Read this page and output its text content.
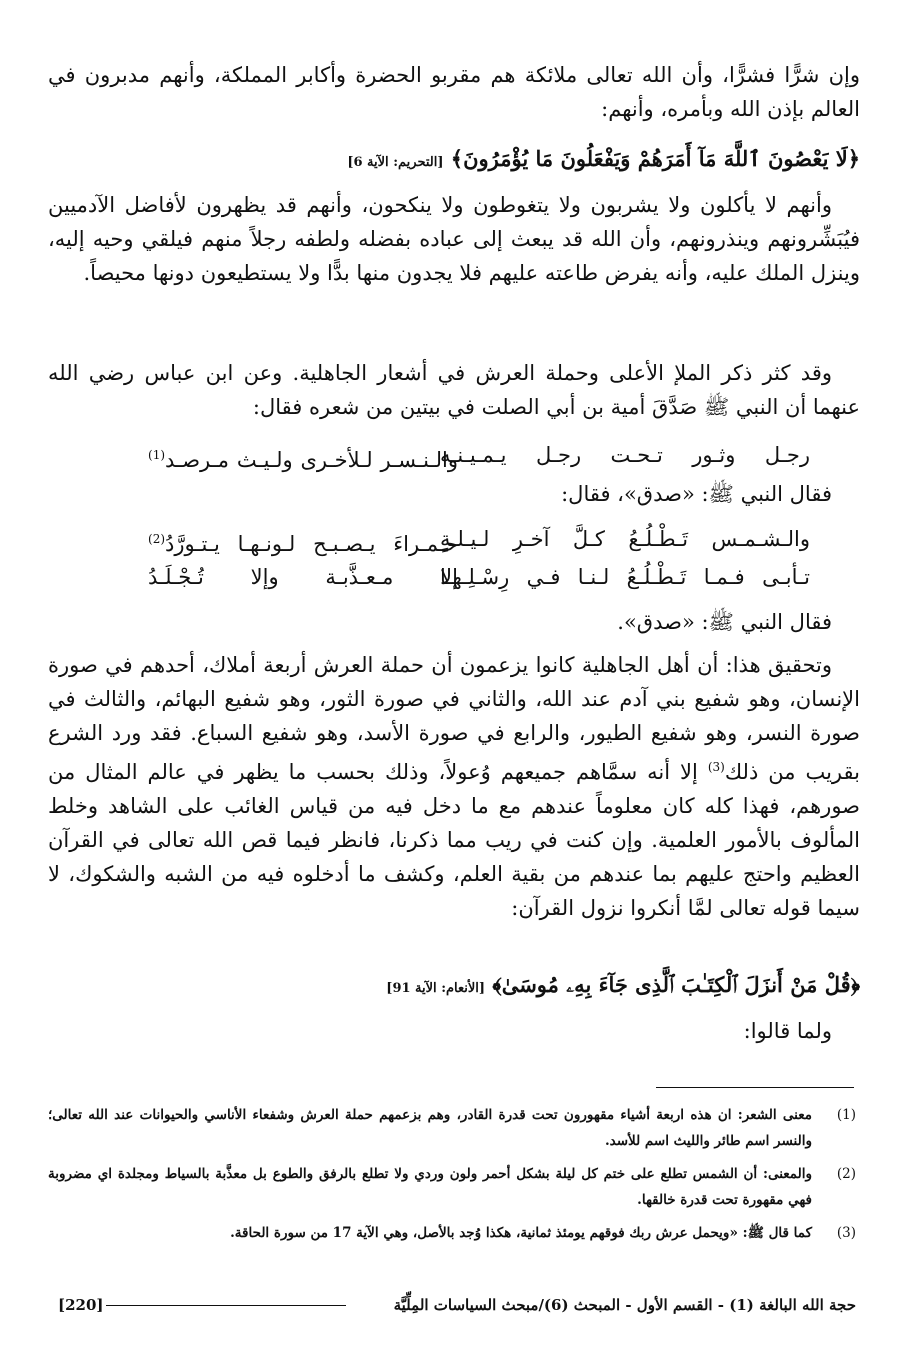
وإن شرًّا فشرًّا، وأن الله تعالى ملائكة هم مقربو الحضرة وأكابر المملكة، وأنهم مدبرون في العالم بإذن الله وبأمره، وأنهم:

﴿لَا يَعْصُونَ ٱللَّهَ مَآ أَمَرَهُمْ وَيَفْعَلُونَ مَا يُؤْمَرُونَ﴾ [التحريم: الآية 6]

وأنهم لا يأكلون ولا يشربون ولا يتغوطون ولا ينكحون، وأنهم قد يظهرون لأفاضل الآدميين فيُبَشِّرونهم وينذرونهم، وأن الله قد يبعث إلى عباده بفضله ولطفه رجلاً منهم فيلقي وحيه إليه، وينزل الملك عليه، وأنه يفرض طاعته عليهم فلا يجدون منها بدًّا ولا يستطيعون دونها محيصاً.

وقد كثر ذكر الملإ الأعلى وحملة العرش في أشعار الجاهلية. وعن ابن عباس رضي الله عنهما أن النبي ﷺ صَدَّقَ أمية بن أبي الصلت في بيتين من شعره فقال:

رجـل وثـور تـحـت رجـل يـمـيـنـه
والـنـسـر لـلأخـرى ولـيـث مـرصـد$^{(1)}$

فقال النبي ﷺ: «صدق»، فقال:

والـشـمـس تَـطْـلُـعُ كـلَّ آخـرِ لـيـلـةٍ
حـمـراءَ يـصـبـح لـونـهـا يـتـورَّدُ$^{(2)}$
تـأبـى فـمـا تَـطْـلُـعُ لـنـا فـي رِسْـلِـهـا
إلا مـعـذَّبـة وإلا تُـجْـلَـدُ

فقال النبي ﷺ: «صدق».

وتحقيق هذا: أن أهل الجاهلية كانوا يزعمون أن حملة العرش أربعة أملاك، أحدهم في صورة الإنسان، وهو شفيع بني آدم عند الله، والثاني في صورة الثور، وهو شفيع البهائم، والثالث في صورة النسر، وهو شفيع الطيور، والرابع في صورة الأسد، وهو شفيع السباع. فقد ورد الشرع بقريب من ذلك$^{(3)}$ إلا أنه سمَّاهم جميعهم وُعولاً، وذلك بحسب ما يظهر في عالم المثال من صورهم، فهذا كله كان معلوماً عندهم مع ما دخل فيه من قياس الغائب على الشاهد وخلط المألوف بالأمور العلمية. وإن كنت في ريب مما ذكرنا، فانظر فيما قص الله تعالى في القرآن العظيم واحتج عليهم بما عندهم من بقية العلم، وكشف ما أدخلوه فيه من الشبه والشكوك، لا سيما قوله تعالى لمَّا أنكروا نزول القرآن:

﴿قُلْ مَنْ أَنزَلَ ٱلْكِتَـٰبَ ٱلَّذِى جَآءَ بِهِۦ مُوسَىٰ﴾ [الأنعام: الآية 91]

ولما قالوا:

(1)
معنى الشعر: ان هذه اربعة أشياء مقهورون تحت قدرة القادر، وهم بزعمهم حملة العرش وشفعاء الأناسي والحيوانات عند الله تعالى؛ والنسر اسم طائر والليث اسم للأسد.
(2)
والمعنى: أن الشمس تطلع على ختم كل ليلة بشكل أحمر ولون وردي ولا تطلع بالرفق والطوع بل معذَّبة بالسياط ومجلدة اي مضروبة فهي مقهورة تحت قدرة خالقها.
(3)
كما قال ﷺ: «ويحمل عرش ربك فوقهم يومئذ ثمانية، هكذا وُجد بالأصل، وهي الآية 17 من سورة الحاقة.
حجة الله البالغة (1) - القسم الأول - المبحث (6)/مبحث السياسات المِلِّيَّة
[220]
